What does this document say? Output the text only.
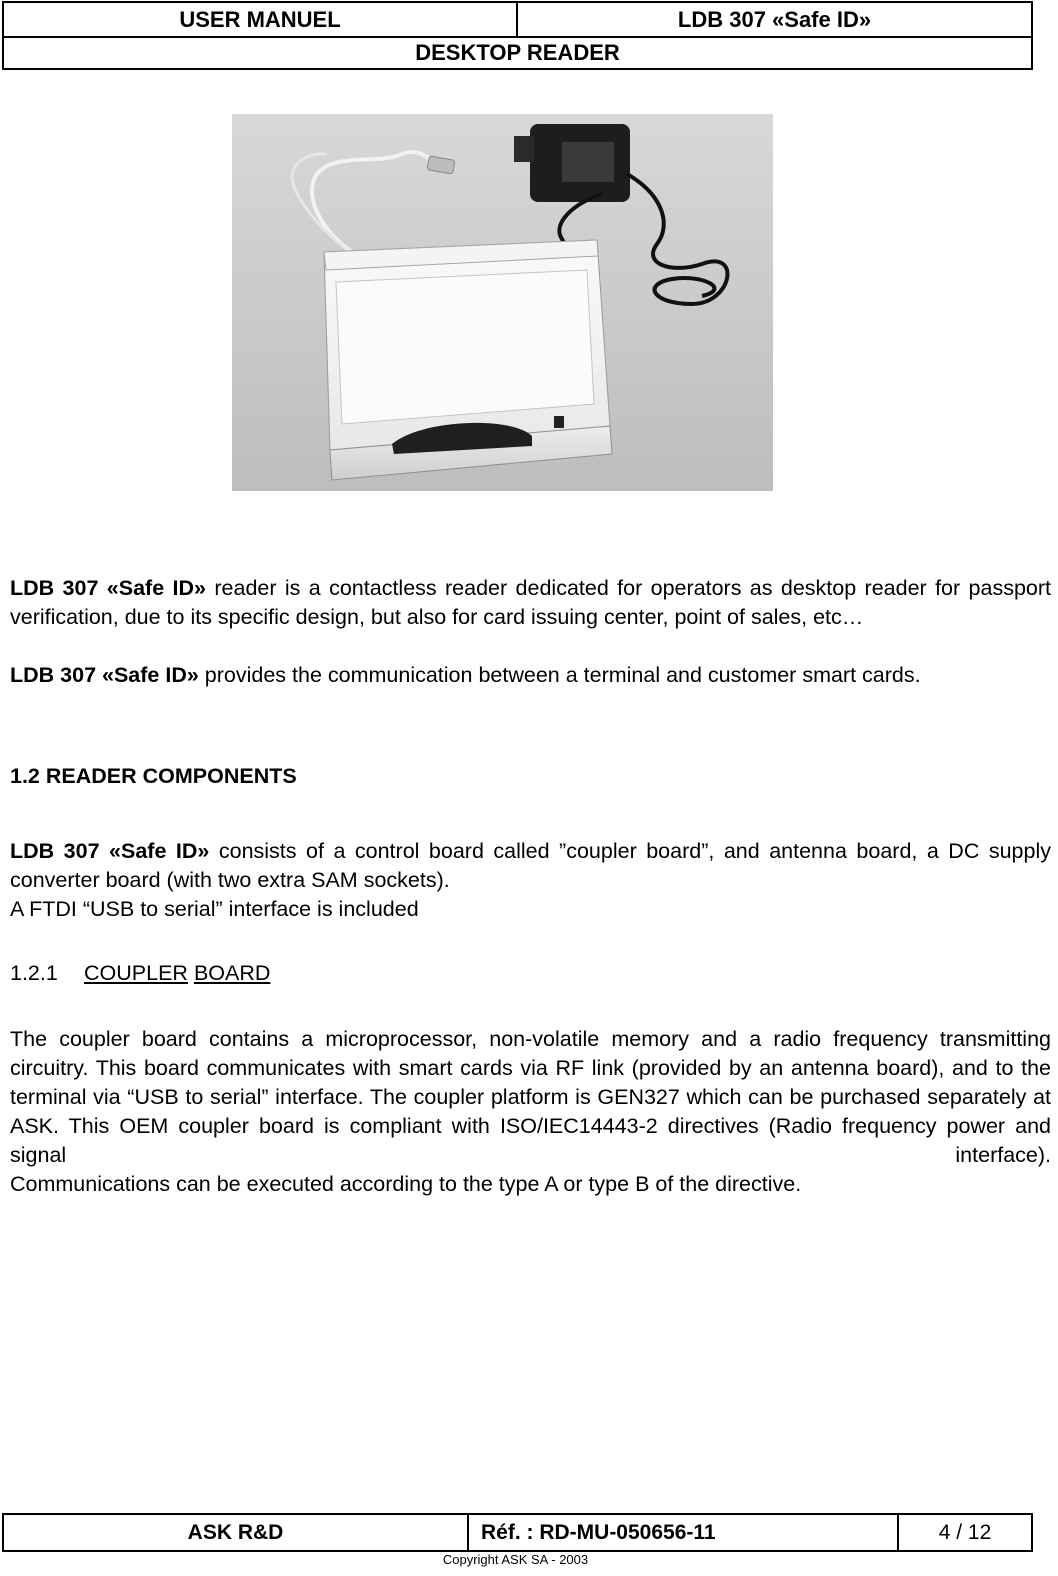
USER MANUEL	LDB 307 «Safe ID»
DESKTOP READER
LDB 307 «Safe ID» reader is a contactless reader dedicated for operators as desktop reader for passport verification, due to its specific design, but also for card issuing center, point of sales, etc…
LDB 307 «Safe ID» provides the communication between a terminal and customer smart cards.
1.2 READER COMPONENTS
LDB 307 «Safe ID» consists of a control board called ”coupler board”, and antenna board, a DC supply converter board (with two extra SAM sockets).
A FTDI “USB to serial” interface is included
1.2.1 COUPLER BOARD
The coupler board contains a microprocessor, non-volatile memory and a radio frequency transmitting circuitry. This board communicates with smart cards via RF link (provided by an antenna board), and to the terminal via “USB to serial” interface. The coupler platform is GEN327 which can be purchased separately at ASK. This OEM coupler board is compliant with ISO/IEC14443-2 directives (Radio frequency power and signal interface).
Communications can be executed according to the type A or type B of the directive.
ASK R&D	Réf. : RD-MU-050656-11	4 / 12
Copyright ASK SA - 2003
